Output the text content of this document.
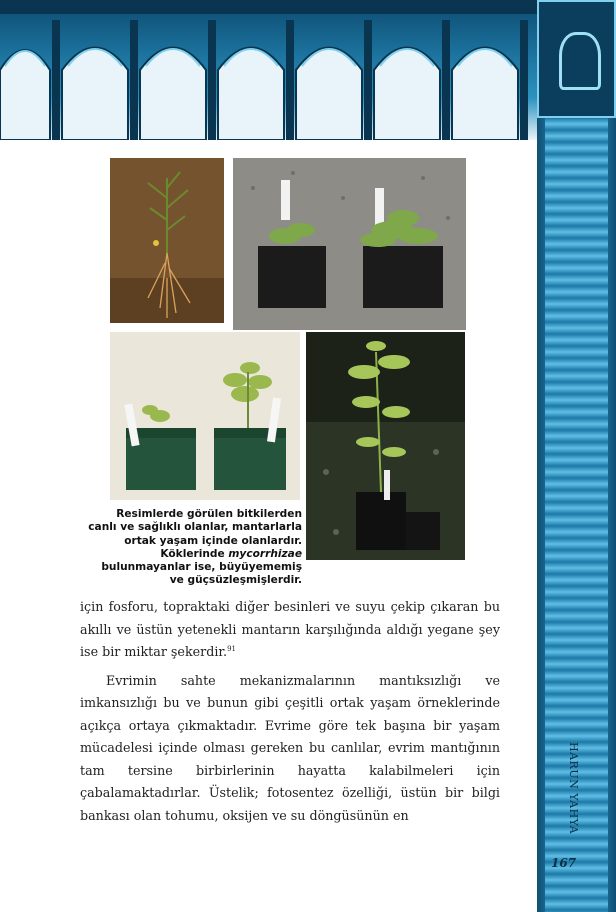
HARUN YAHYA
167
Resimlerde görülen bitkilerden canlı ve sağlıklı olanlar, mantarlarla ortak yaşam içinde olanlardır. Köklerinde mycorrhizae bulunmayanlar ise, büyüyememiş ve güçsüzleşmişlerdir.

için fosforu, topraktaki diğer besinleri ve suyu çekip çıkaran bu akıllı ve üstün yetenekli mantarın karşılığında aldığı yegane şey ise bir miktar şekerdir.$^{91}$

Evrimin sahte mekanizmalarının mantıksızlığı ve imkansızlığı bu ve bunun gibi çeşitli ortak yaşam örneklerinde açıkça ortaya çıkmaktadır. Evrime göre tek başına bir yaşam mücadelesi içinde olması gereken bu canlılar, evrim mantığının tam tersine birbirlerinin hayatta kalabilmeleri için çabalamaktadırlar. Üstelik; fotosentez özelliği, üstün bir bilgi bankası olan tohumu, oksijen ve su döngüsünün en
